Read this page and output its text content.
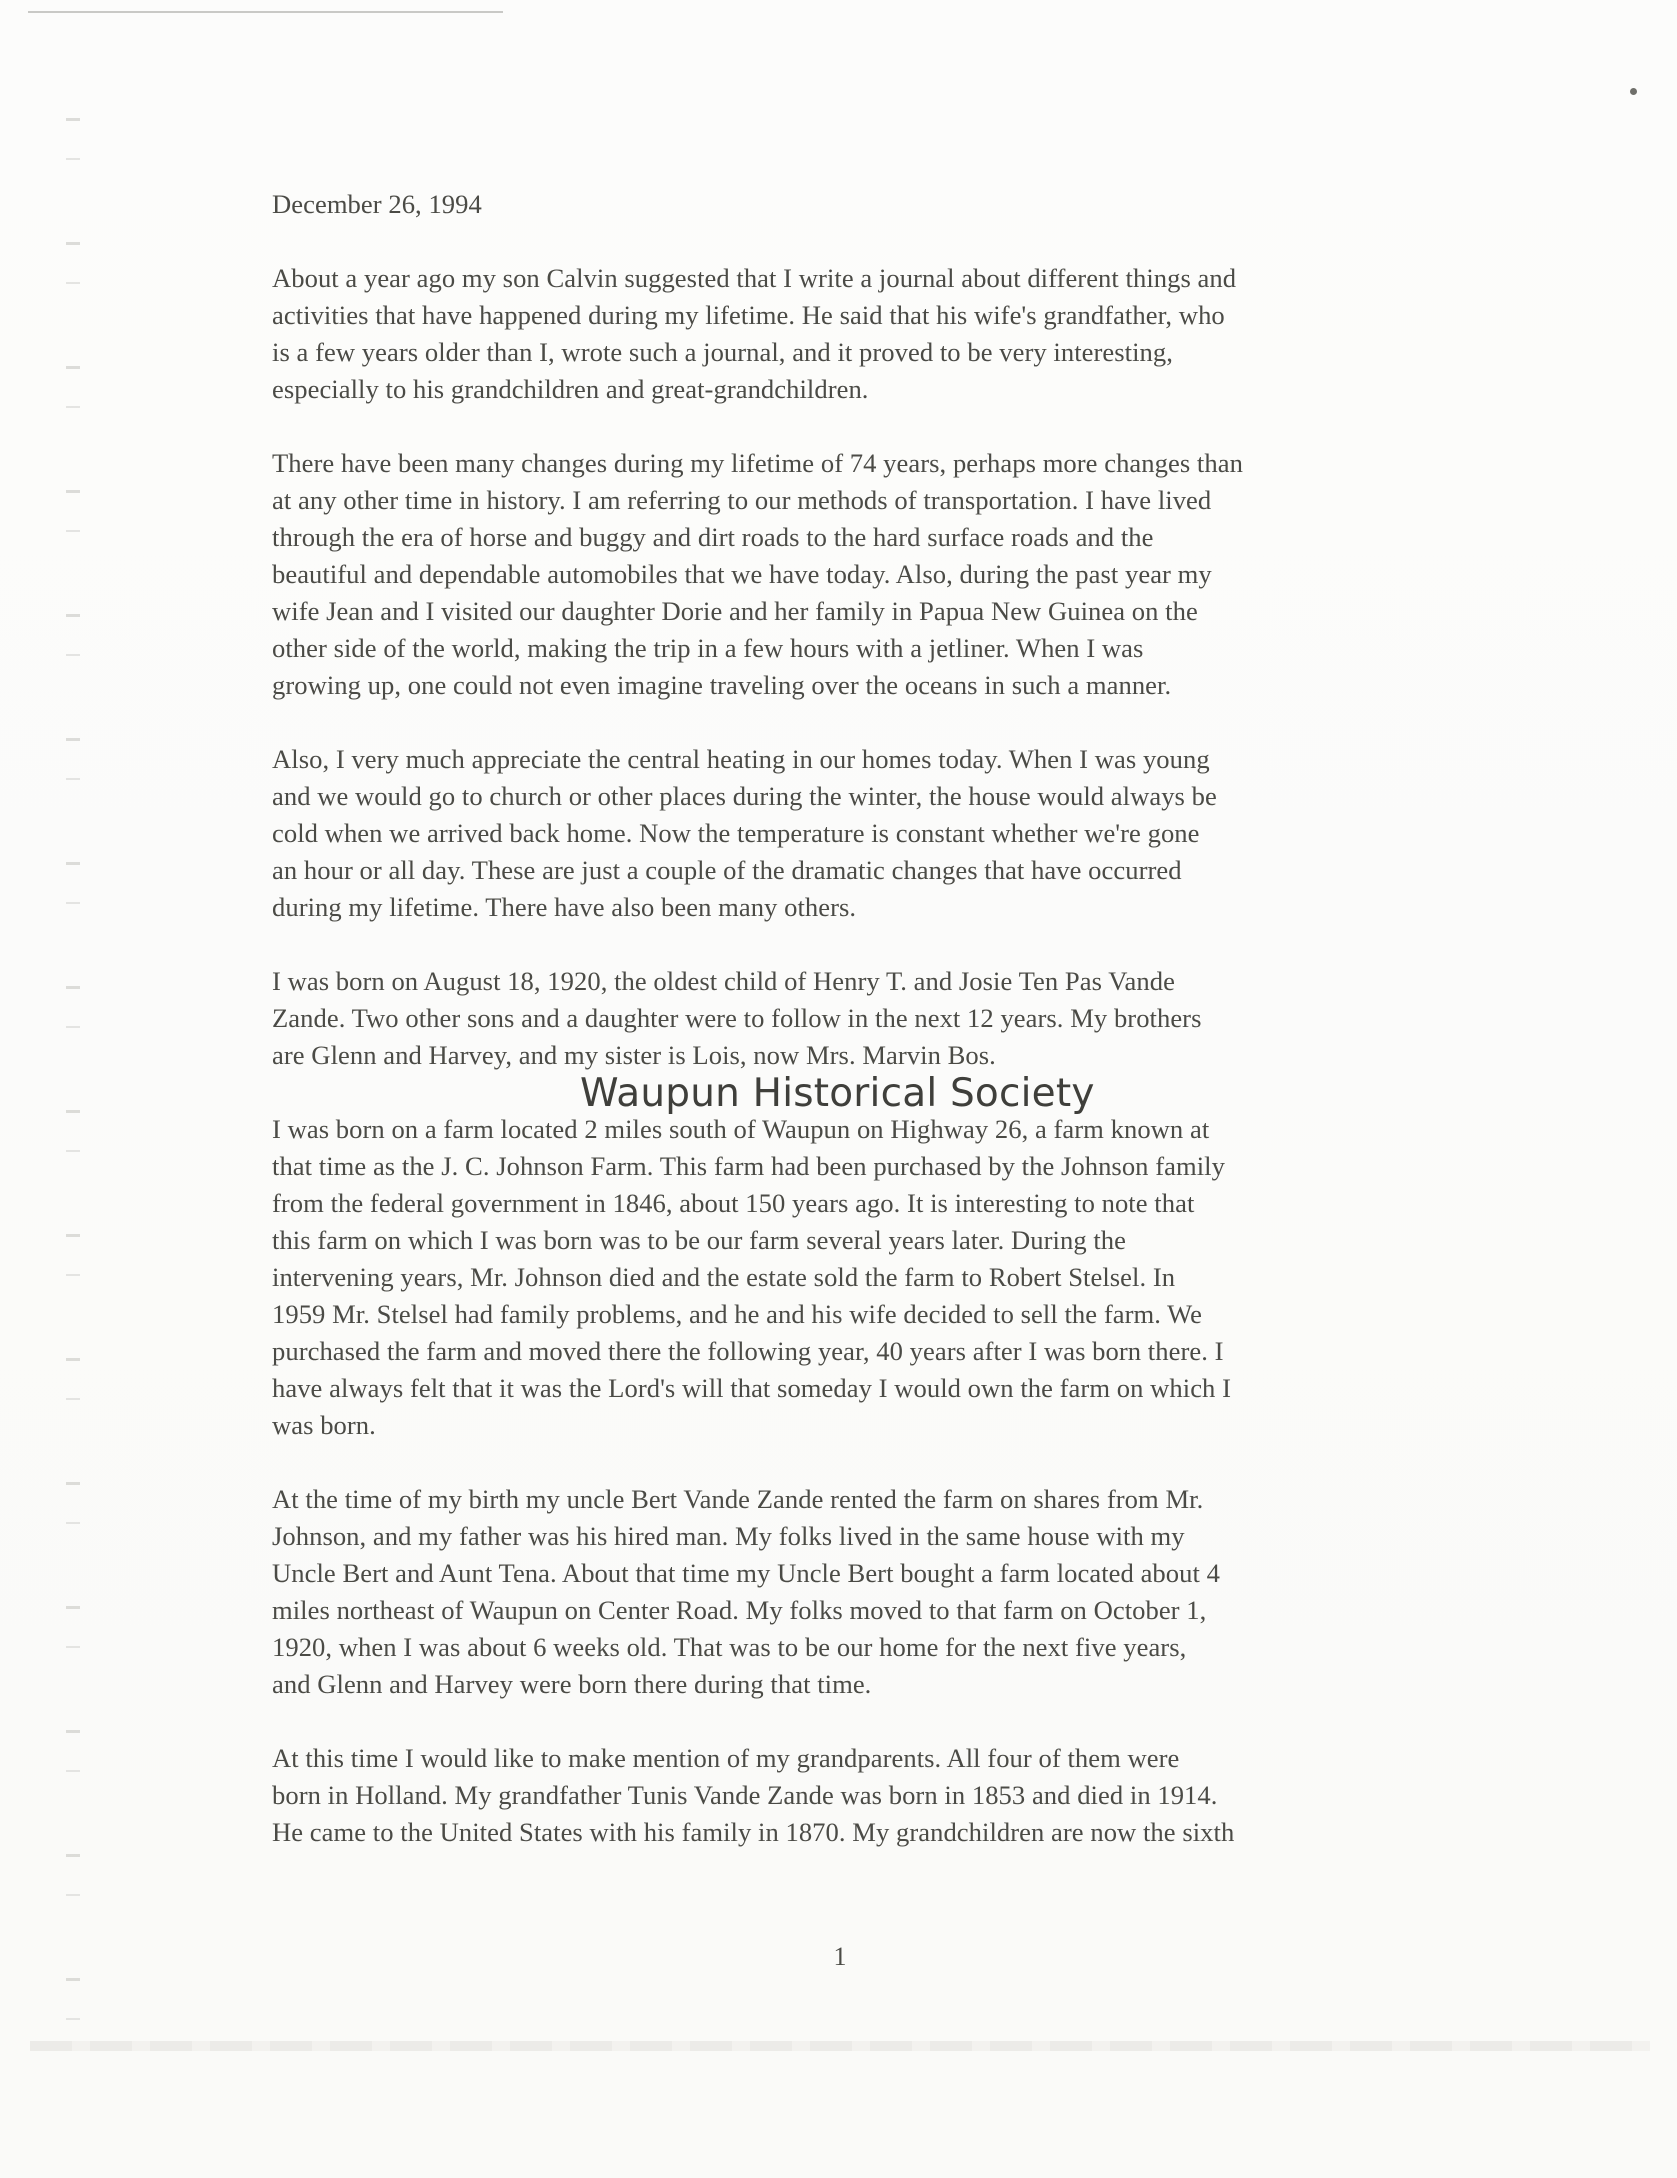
December 26, 1994
About a year ago my son Calvin suggested that I write a journal about different things and
activities that have happened during my lifetime. He said that his wife's grandfather, who
is a few years older than I, wrote such a journal, and it proved to be very interesting,
especially to his grandchildren and great-grandchildren.
There have been many changes during my lifetime of 74 years, perhaps more changes than
at any other time in history. I am referring to our methods of transportation. I have lived
through the era of horse and buggy and dirt roads to the hard surface roads and the
beautiful and dependable automobiles that we have today. Also, during the past year my
wife Jean and I visited our daughter Dorie and her family in Papua New Guinea on the
other side of the world, making the trip in a few hours with a jetliner. When I was
growing up, one could not even imagine traveling over the oceans in such a manner.
Also, I very much appreciate the central heating in our homes today. When I was young
and we would go to church or other places during the winter, the house would always be
cold when we arrived back home. Now the temperature is constant whether we're gone
an hour or all day. These are just a couple of the dramatic changes that have occurred
during my lifetime. There have also been many others.
I was born on August 18, 1920, the oldest child of Henry T. and Josie Ten Pas Vande
Zande. Two other sons and a daughter were to follow in the next 12 years. My brothers
are Glenn and Harvey, and my sister is Lois, now Mrs. Marvin Bos.
I was born on a farm located 2 miles south of Waupun on Highway 26, a farm known at
that time as the J. C. Johnson Farm. This farm had been purchased by the Johnson family
from the federal government in 1846, about 150 years ago. It is interesting to note that
this farm on which I was born was to be our farm several years later. During the
intervening years, Mr. Johnson died and the estate sold the farm to Robert Stelsel. In
1959 Mr. Stelsel had family problems, and he and his wife decided to sell the farm. We
purchased the farm and moved there the following year, 40 years after I was born there. I
have always felt that it was the Lord's will that someday I would own the farm on which I
was born.
At the time of my birth my uncle Bert Vande Zande rented the farm on shares from Mr.
Johnson, and my father was his hired man. My folks lived in the same house with my
Uncle Bert and Aunt Tena. About that time my Uncle Bert bought a farm located about 4
miles northeast of Waupun on Center Road. My folks moved to that farm on October 1,
1920, when I was about 6 weeks old. That was to be our home for the next five years,
and Glenn and Harvey were born there during that time.
At this time I would like to make mention of my grandparents. All four of them were
born in Holland. My grandfather Tunis Vande Zande was born in 1853 and died in 1914.
He came to the United States with his family in 1870. My grandchildren are now the sixth
Waupun Historical Society
1
